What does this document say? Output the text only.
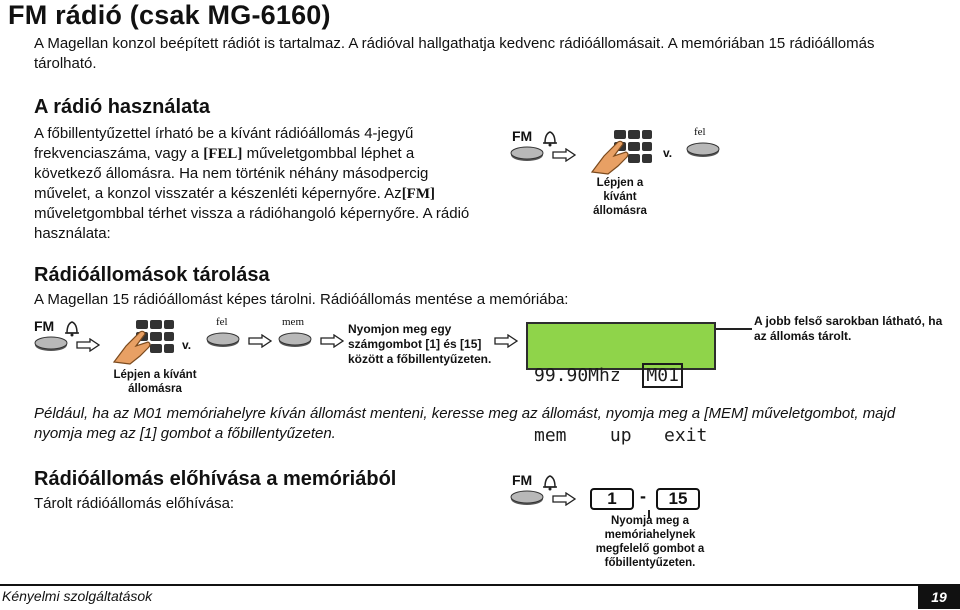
FM rádió (csak MG-6160)
A Magellan konzol beépített rádiót is tartalmaz. A rádióval hallgathatja kedvenc rádióállomásait. A memóriában 15 rádióállomás tárolható.
A rádió használata
A főbillentyűzettel írható be a kívánt rádióállomás 4-jegyű
frekvenciaszáma, vagy a [FEL] műveletgombbal léphet a
következő állomásra. Ha nem történik néhány másodpercig
művelet, a konzol visszatér a készenléti képernyőre. Az[FM]
műveletgombbal térhet vissza a rádióhangoló képernyőre. A rádió
használata:
FM
Lépjen a kívánt állomásra
v.
fel
Rádióállomások tárolása
A Magellan 15 rádióállomást képes tárolni. Rádióállomás mentése a memóriába:
FM
Lépjen a kívánt állomásra
v.
fel	mem	Nyomjon meg egy számgombot [1] és [15] között a főbillentyűzeten.

99.90Mhz M01

mem    up   exit

A jobb felső sarokban látható, ha az állomás tárolt.
Például, ha az M01 memóriahelyre kíván állomást menteni, keresse meg az állomást, nyomja meg a [MEM] műveletgombot, majd nyomja meg az [1] gombot a főbillentyűzeten.
Rádióállomás előhívása a memóriából
Tárolt rádióállomás előhívása:
FM
1	-	15
Nyomja meg a memóriahelynek megfelelő gombot a főbillentyűzeten.
Kényelmi szolgáltatások	19
